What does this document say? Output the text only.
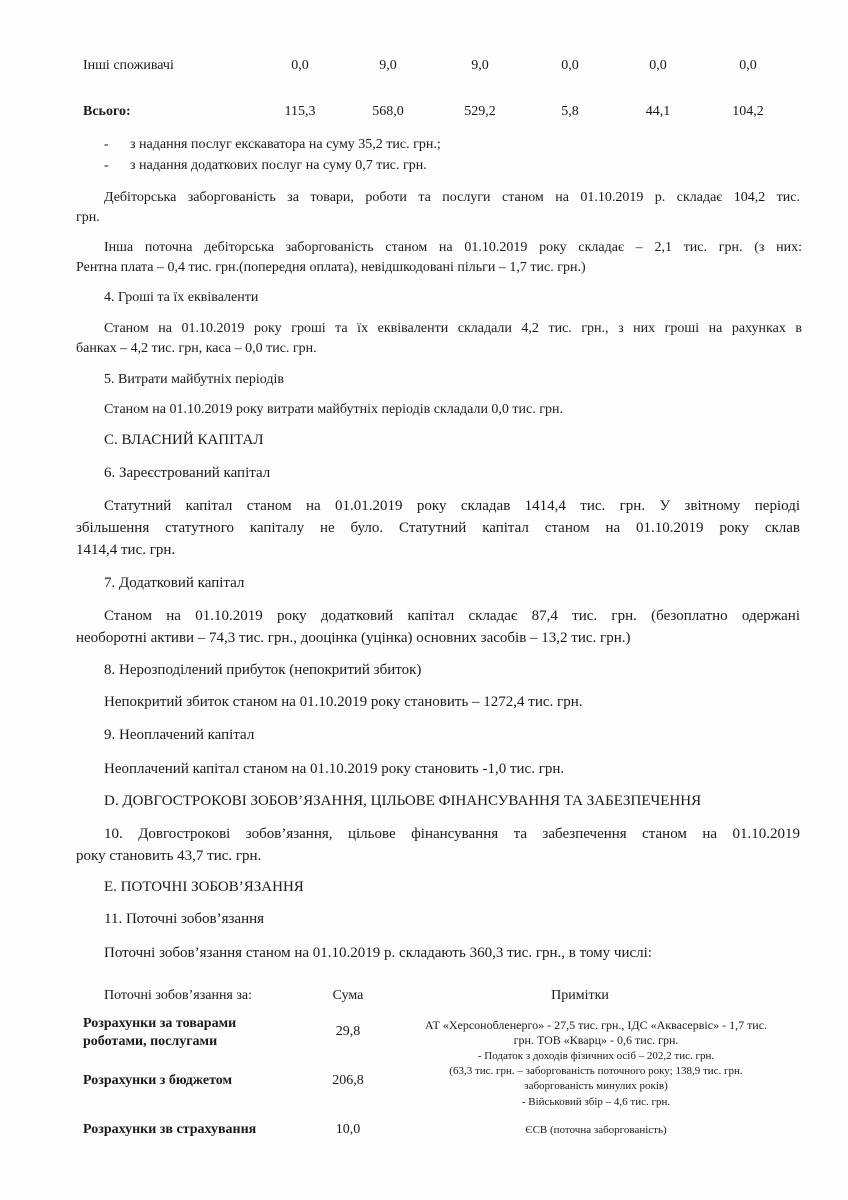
Інші споживачі	0,0	9,0	9,0	0,0	0,0	0,0
Всього:	115,3	568,0	529,2	5,8	44,1	104,2
- з надання послуг екскаватора на суму 35,2 тис. грн.;
- з надання додаткових послуг на суму 0,7 тис. грн.
Дебіторська заборгованість за товари, роботи та послуги станом на 01.10.2019 р. складає 104,2 тис.
грн.
Інша поточна дебіторська заборгованість станом на 01.10.2019 року складає – 2,1 тис. грн. (з них:
Рентна плата – 0,4 тис. грн.(попередня оплата), невідшкодовані пільги – 1,7 тис. грн.)
4. Гроші та їх еквіваленти
Станом на 01.10.2019 року гроші та їх еквіваленти складали 4,2 тис. грн., з них гроші на рахунках в
банках – 4,2 тис. грн, каса – 0,0 тис. грн.
5. Витрати майбутніх періодів
Станом на 01.10.2019 року витрати майбутніх періодів складали 0,0 тис. грн.
С. ВЛАСНИЙ КАПІТАЛ
6. Зареєстрований капітал
Статутний капітал станом на 01.01.2019 року складав 1414,4 тис. грн. У звітному періоді
збільшення статутного капіталу не було. Статутний капітал станом на 01.10.2019 року склав
1414,4 тис. грн.
7. Додатковий капітал
Станом на 01.10.2019 року додатковий капітал складає 87,4 тис. грн. (безоплатно одержані
необоротні активи – 74,3 тис. грн., дооцінка (уцінка) основних засобів – 13,2 тис. грн.)
8. Нерозподілений прибуток (непокритий збиток)
Непокритий збиток станом на 01.10.2019 року становить – 1272,4 тис. грн.
9. Неоплачений капітал
Неоплачений капітал станом на 01.10.2019 року становить -1,0 тис. грн.
D. ДОВГОСТРОКОВІ ЗОБОВ’ЯЗАННЯ, ЦІЛЬОВЕ ФІНАНСУВАННЯ ТА ЗАБЕЗПЕЧЕННЯ
10. Довгострокові зобов’язання, цільове фінансування та забезпечення станом на 01.10.2019
року становить 43,7 тис. грн.
Е. ПОТОЧНІ ЗОБОВ’ЯЗАННЯ
11. Поточні зобов’язання
Поточні зобов’язання станом на 01.10.2019 р. складають 360,3 тис. грн., в тому числі:
Поточні зобов’язання за:	Сума	Примітки
Розрахунки за товарами
роботами, послугами
29,8	АТ «Херсонобленерго» - 27,5 тис. грн., ІДС «Аквасервіс» - 1,7 тис.
грн. ТОВ «Кварц» - 0,6 тис. грн.
Розрахунки з бюджетом	206,8
- Податок з доходів фізичних осіб – 202,2 тис. грн.
(63,3 тис. грн. – заборгованість поточного року; 138,9 тис. грн.
заборгованість минулих років)
- Військовий збір – 4,6 тис. грн.
Розрахунки зв страхування	10,0	ЄСВ (поточна заборгованість)
